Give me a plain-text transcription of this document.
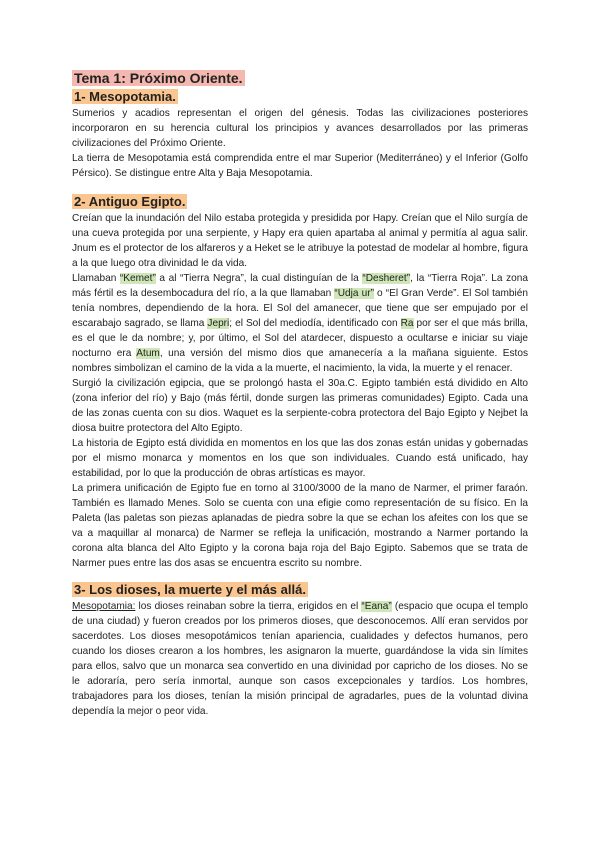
Tema 1: Próximo Oriente.
1- Mesopotamia.

Sumerios y acadios representan el origen del génesis. Todas las civilizaciones posteriores incorporaron en su herencia cultural los principios y avances desarrollados por las primeras civilizaciones del Próximo Oriente.

La tierra de Mesopotamia está comprendida entre el mar Superior (Mediterráneo) y el Inferior (Golfo Pérsico). Se distingue entre Alta y Baja Mesopotamia.

2- Antiguo Egipto.

Creían que la inundación del Nilo estaba protegida y presidida por Hapy. Creían que el Nilo surgía de una cueva protegida por una serpiente, y Hapy era quien apartaba al animal y permitía al agua salir. Jnum es el protector de los alfareros y a Heket se le atribuye la potestad de modelar al hombre, figura a la que luego otra divinidad le da vida.

Llamaban “Kemet” a al “Tierra Negra”, la cual distinguían de la “Desheret”, la “Tierra Roja”. La zona más fértil es la desembocadura del río, a la que llamaban “Udja ur” o “El Gran Verde”. El Sol también tenía nombres, dependiendo de la hora. El Sol del amanecer, que tiene que ser empujado por el escarabajo sagrado, se llama Jepri; el Sol del mediodía, identificado con Ra por ser el que más brilla, es el que le da nombre; y, por último, el Sol del atardecer, dispuesto a ocultarse e iniciar su viaje nocturno era Atum, una versión del mismo dios que amanecería a la mañana siguiente. Estos nombres simbolizan el camino de la vida a la muerte, el nacimiento, la vida, la muerte y el renacer.

Surgió la civilización egipcia, que se prolongó hasta el 30a.C. Egipto también está dividido en Alto (zona inferior del río) y Bajo (más fértil, donde surgen las primeras comunidades) Egipto. Cada una de las zonas cuenta con su dios. Waquet es la serpiente-cobra protectora del Bajo Egipto y Nejbet la diosa buitre protectora del Alto Egipto.

La historia de Egipto está dividida en momentos en los que las dos zonas están unidas y gobernadas por el mismo monarca y momentos en los que son individuales. Cuando está unificado, hay estabilidad, por lo que la producción de obras artísticas es mayor.

La primera unificación de Egipto fue en torno al 3100/3000 de la mano de Narmer, el primer faraón. También es llamado Menes. Solo se cuenta con una efigie como representación de su físico. En la Paleta (las paletas son piezas aplanadas de piedra sobre la que se echan los afeites con los que se va a maquillar al monarca) de Narmer se refleja la unificación, mostrando a Narmer portando la corona alta blanca del Alto Egipto y la corona baja roja del Bajo Egipto. Sabemos que se trata de Narmer pues entre las dos asas se encuentra escrito su nombre.

3- Los dioses, la muerte y el más allá.

Mesopotamia: los dioses reinaban sobre la tierra, erigidos en el “Eana” (espacio que ocupa el templo de una ciudad) y fueron creados por los primeros dioses, que desconocemos. Allí eran servidos por sacerdotes. Los dioses mesopotámicos tenían apariencia, cualidades y defectos humanos, pero cuando los dioses crearon a los hombres, les asignaron la muerte, guardándose la vida sin límites para ellos, salvo que un monarca sea convertido en una divinidad por capricho de los dioses. No se le adoraría, pero sería inmortal, aunque son casos excepcionales y tardíos. Los hombres, trabajadores para los dioses, tenían la misión principal de agradarles, pues de la voluntad divina dependía la mejor o peor vida.
